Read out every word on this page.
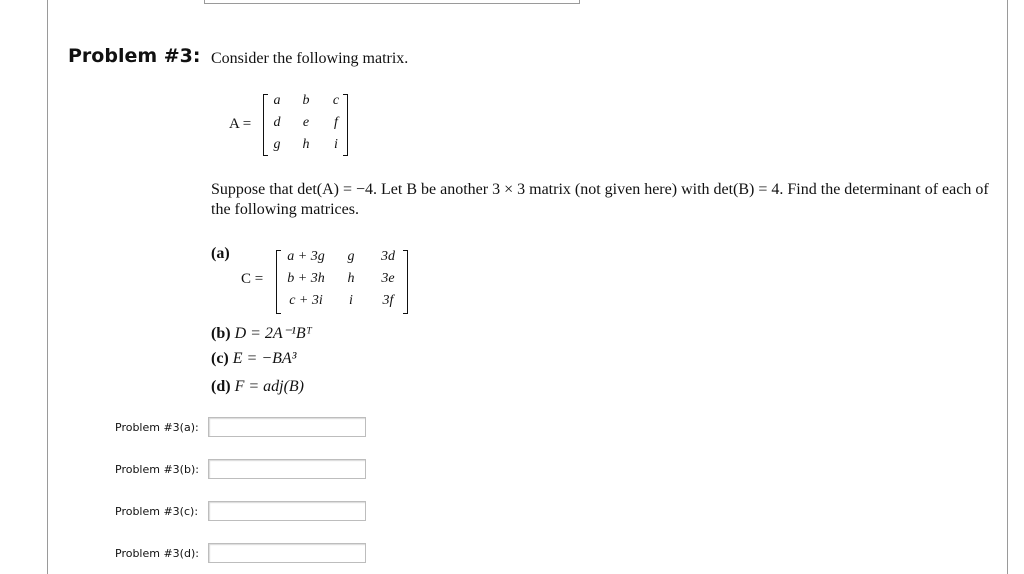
Problem #3: Consider the following matrix.
A =
a	b	c
d	e	f
g	h	i
Suppose that det(A) = −4. Let B be another 3 × 3 matrix (not given here) with det(B) = 4. Find the determinant of each of the following matrices.
(a)
C =
a + 3g	g	3d
b + 3h	h	3e
c + 3i	i	3f
(b) D = 2A⁻¹Bᵀ
(c) E = −BA³
(d) F = adj(B)
Problem #3(a):
Problem #3(b):
Problem #3(c):
Problem #3(d):
